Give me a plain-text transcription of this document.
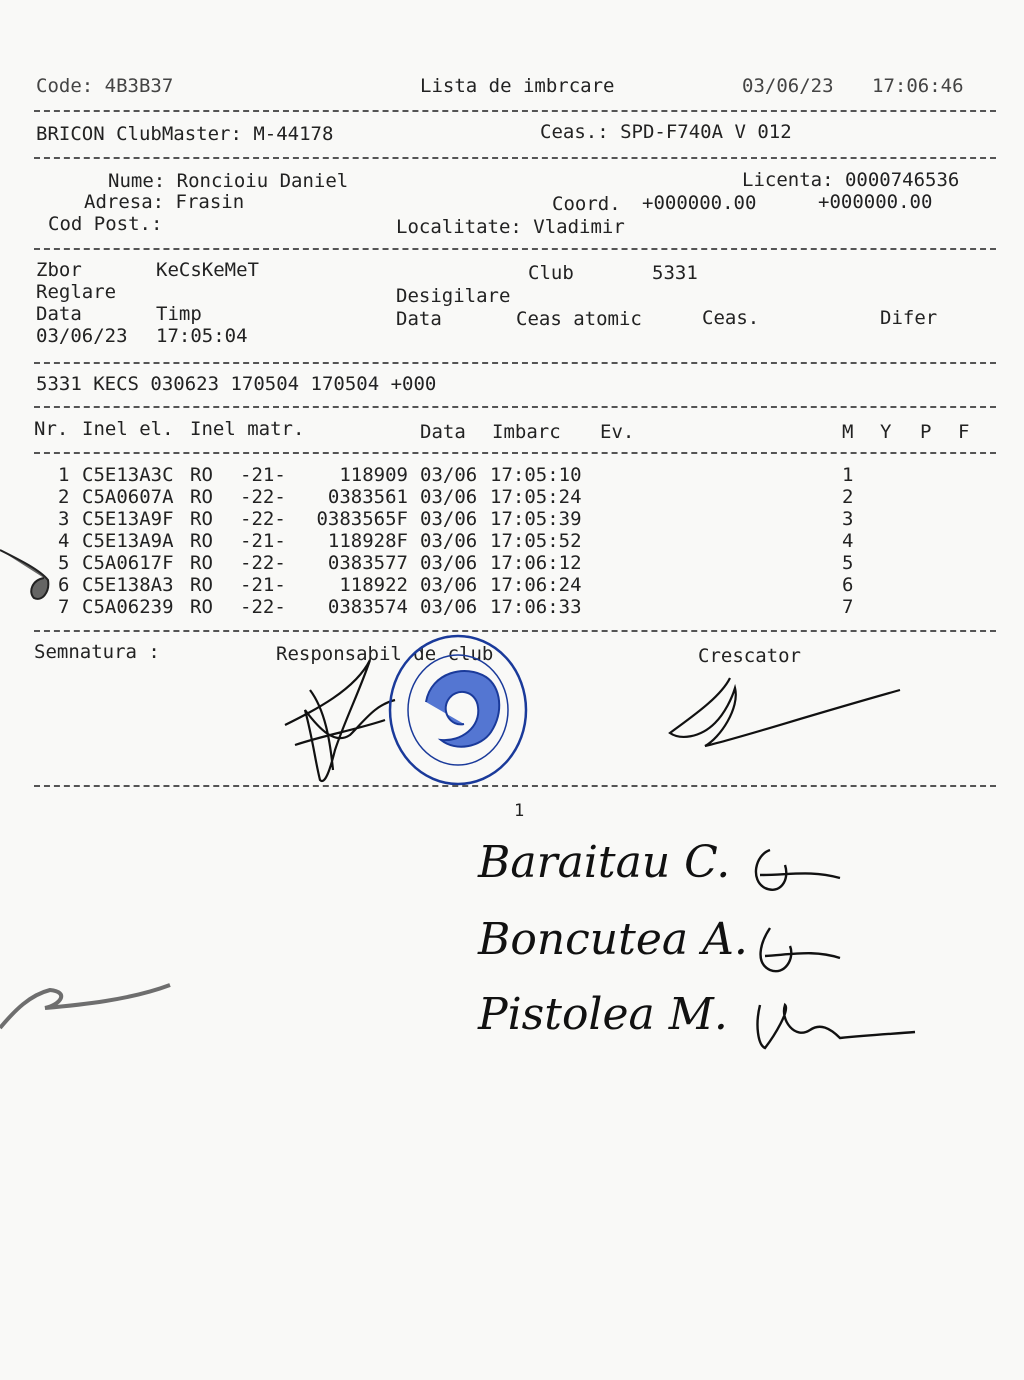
Code: 4B3B37	Lista de imbrcare	03/06/23 17:06:46
BRICON ClubMaster: M-44178	Ceas.: SPD-F740A V 012
Nume: Roncioiu Daniel	Licenta: 0000746536
Adresa: Frasin	Coord. +000000.00	+000000.00
Cod Post.:	Localitate: Vladimir
Zbor	KeCsKeMeT	Club	5331
Reglare	Desigilare
Data	Timp	Data	Ceas atomic	Ceas.	Difer
03/06/23 17:05:04
5331 KECS 030623 170504 170504 +000
Nr. Inel el. Inel matr.	Data Imbarc Ev.	M Y P F
1 C5E13A3C RO -21-	118909 03/06 17:05:10	1
2 C5A0607A RO -22-	0383561 03/06 17:05:24	2
3 C5E13A9F RO -22- 0383565F 03/06 17:05:39	3
4 C5E13A9A RO -21-	118928F 03/06 17:05:52	4
5 C5A0617F RO -22-	0383577 03/06 17:06:12	5
6 C5E138A3 RO -21-	118922 03/06 17:06:24	6
7 C5A06239 RO -22-	0383574 03/06 17:06:33	7
Semnatura :	Responsabil de club	Crescator
1
Baraitau C.
Boncutea A.
Pistolea M.
